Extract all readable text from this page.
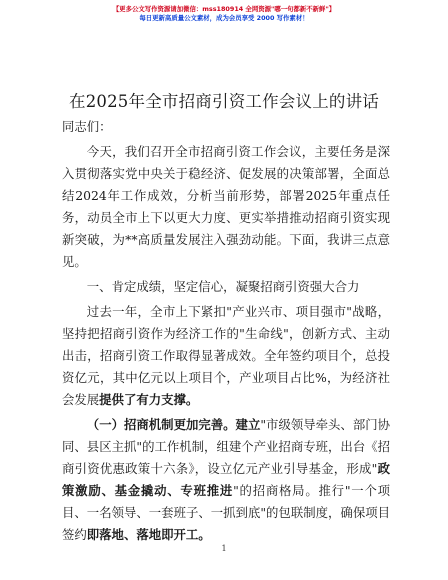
【更多公文写作资源请加微信：mss180914 全网资源"哪一句都新不新鲜"】
每日更新高质量公文素材，成为会员享受 2000 写作素材！
在2025年全市招商引资工作会议上的讲话

同志们：

今天，我们召开全市招商引资工作会议，主要任务是深入贯彻落实党中央关于稳经济、促发展的决策部署，全面总结2024年工作成效，分析当前形势，部署2025年重点任务，动员全市上下以更大力度、更实举措推动招商引资实现新突破，为**高质量发展注入强劲动能。下面，我讲三点意见。

一、肯定成绩，坚定信心，凝聚招商引资强大合力

过去一年，全市上下紧扣"产业兴市、项目强市"战略，坚持把招商引资作为经济工作的"生命线"，创新方式、主动出击，招商引资工作取得显著成效。全年签约项目个，总投资亿元，其中亿元以上项目个，产业项目占比%，为经济社会发展提供了有力支撑。

（一）招商机制更加完善。建立"市级领导牵头、部门协同、县区主抓"的工作机制，组建个产业招商专班，出台《招商引资优惠政策十六条》，设立亿元产业引导基金，形成"政策激励、基金撬动、专班推进"的招商格局。推行"一个项目、一名领导、一套班子、一抓到底"的包联制度，确保项目签约即落地、落地即开工。

1
